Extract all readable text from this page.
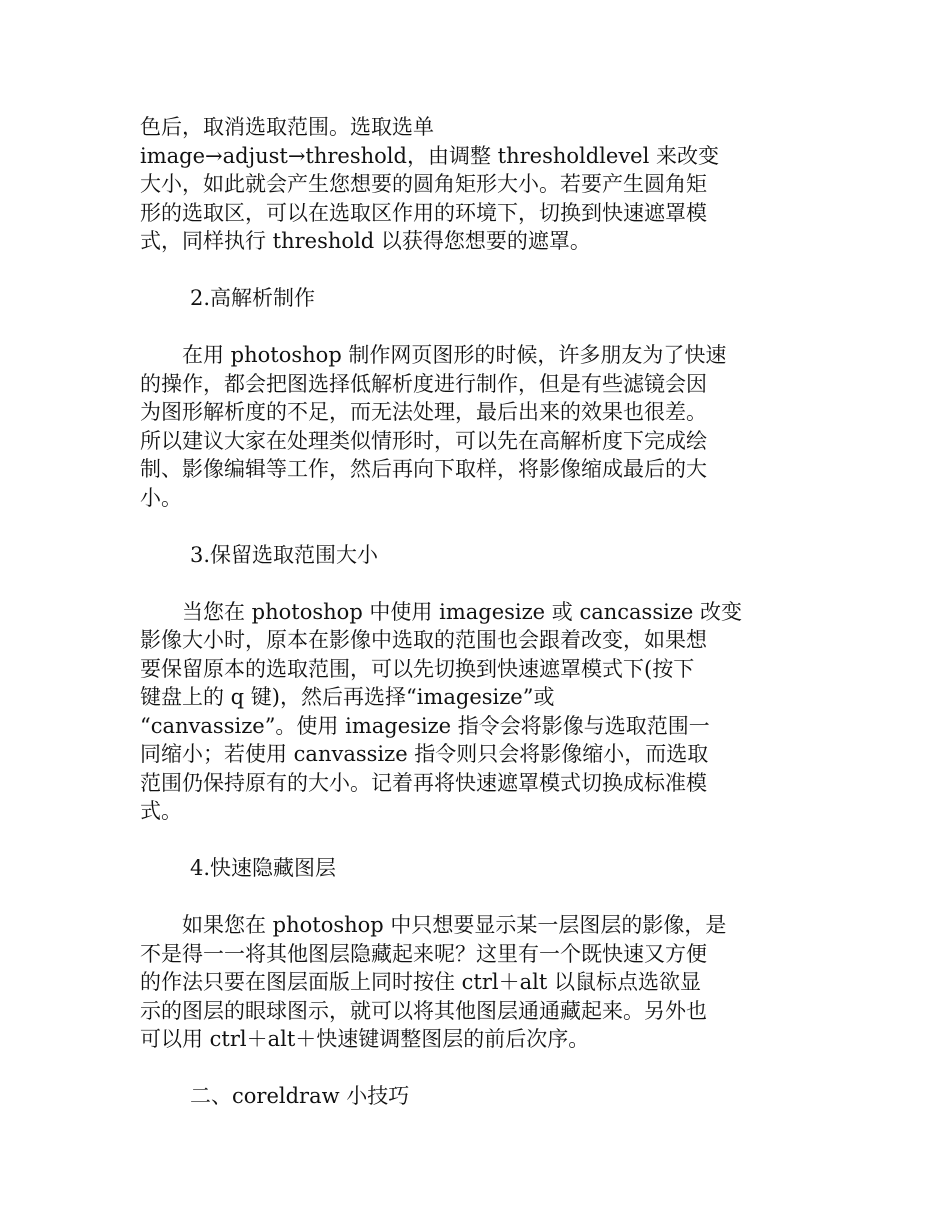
色后，取消选取范围。选取选单
image→adjust→threshold，由调整 thresholdlevel 来改变
大小，如此就会产生您想要的圆角矩形大小。若要产生圆角矩
形的选取区，可以在选取区作用的环境下，切换到快速遮罩模
式，同样执行 threshold 以获得您想要的遮罩。
2.高解析制作
　　在用 photoshop 制作网页图形的时候，许多朋友为了快速
的操作，都会把图选择低解析度进行制作，但是有些滤镜会因
为图形解析度的不足，而无法处理，最后出来的效果也很差。
所以建议大家在处理类似情形时，可以先在高解析度下完成绘
制、影像编辑等工作，然后再向下取样，将影像缩成最后的大
小。
3.保留选取范围大小
　　当您在 photoshop 中使用 imagesize 或 cancassize 改变
影像大小时，原本在影像中选取的范围也会跟着改变，如果想
要保留原本的选取范围，可以先切换到快速遮罩模式下(按下
键盘上的 q 键)，然后再选择“imagesize”或
“canvassize”。使用 imagesize 指令会将影像与选取范围一
同缩小；若使用 canvassize 指令则只会将影像缩小，而选取
范围仍保持原有的大小。记着再将快速遮罩模式切换成标准模
式。
4.快速隐藏图层
　　如果您在 photoshop 中只想要显示某一层图层的影像，是
不是得一一将其他图层隐藏起来呢？这里有一个既快速又方便
的作法只要在图层面版上同时按住 ctrl＋alt 以鼠标点选欲显
示的图层的眼球图示，就可以将其他图层通通藏起来。另外也
可以用 ctrl＋alt＋快速键调整图层的前后次序。
二、coreldraw 小技巧
